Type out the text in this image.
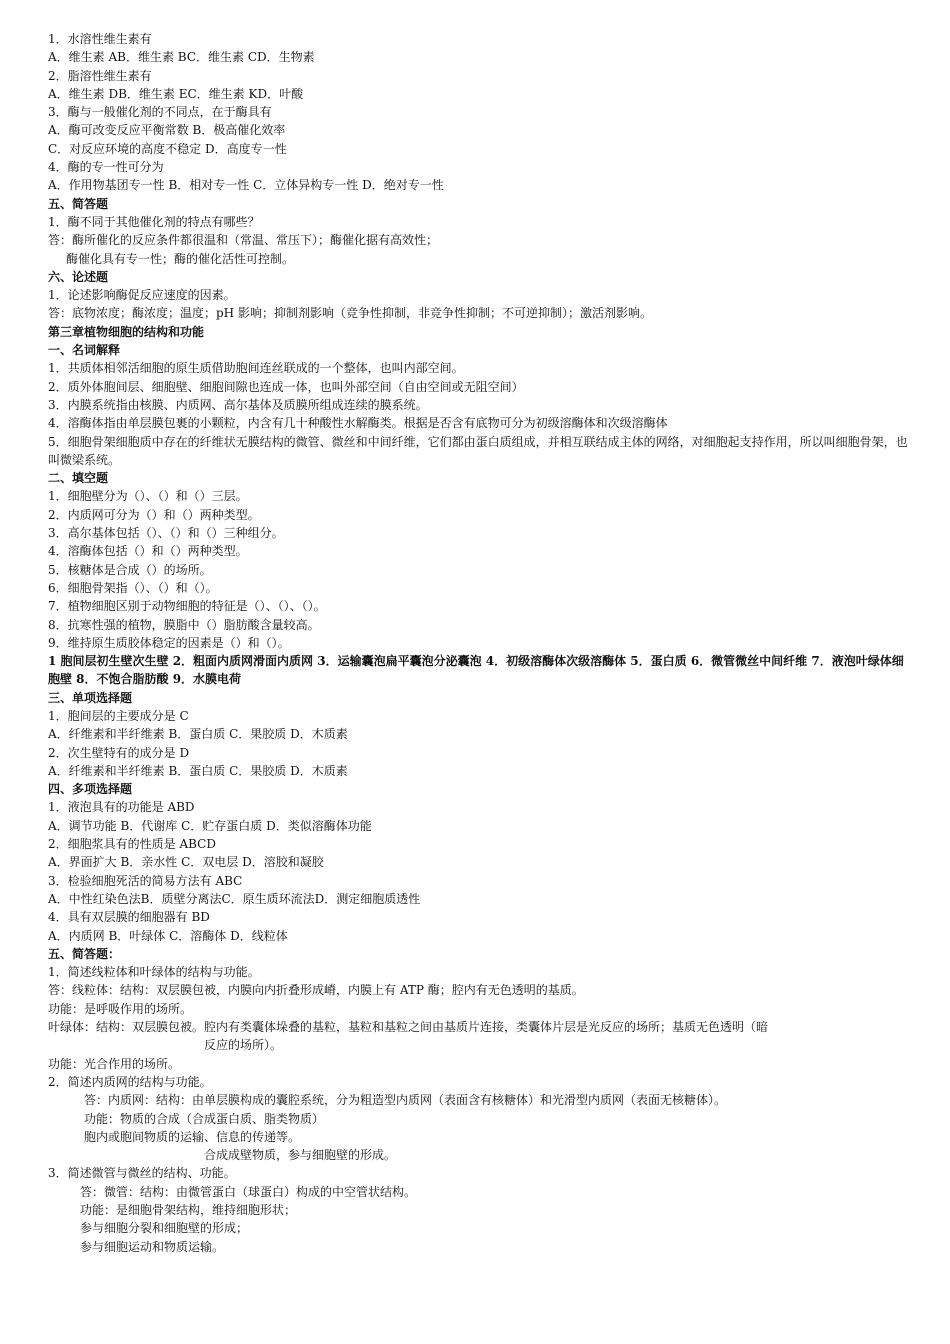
1．水溶性维生素有
A．维生素 AB．维生素 BC．维生素 CD．生物素
2．脂溶性维生素有
A．维生素 DB．维生素 EC．维生素 KD．叶酸
3．酶与一般催化剂的不同点，在于酶具有
A．酶可改变反应平衡常数 B．极高催化效率
C．对反应环境的高度不稳定 D．高度专一性
4．酶的专一性可分为
A．作用物基团专一性 B．相对专一性 C．立体异构专一性 D．绝对专一性
五、简答题
1．酶不同于其他催化剂的特点有哪些？
答：酶所催化的反应条件都很温和（常温、常压下）；酶催化据有高效性；
酶催化具有专一性；酶的催化活性可控制。
六、论述题
1．论述影响酶促反应速度的因素。
答：底物浓度；酶浓度；温度；pH 影响；抑制剂影响（竞争性抑制，非竞争性抑制；不可逆抑制）；激活剂影响。
第三章植物细胞的结构和功能
一、名词解释
1．共质体相邻活细胞的原生质借助胞间连丝联成的一个整体，也叫内部空间。
2．质外体胞间层、细胞壁、细胞间隙也连成一体，也叫外部空间（自由空间或无阻空间）
3．内膜系统指由核膜、内质网、高尔基体及质膜所组成连续的膜系统。
4．溶酶体指由单层膜包裹的小颗粒，内含有几十种酸性水解酶类。根据是否含有底物可分为初级溶酶体和次级溶酶体
5．细胞骨架细胞质中存在的纤维状无膜结构的微管、微丝和中间纤维，它们都由蛋白质组成，并相互联结成主体的网络，对细胞起支持作用，所以叫细胞骨架，也叫微梁系统。
二、填空题
1．细胞壁分为（）、（）和（）三层。
2．内质网可分为（）和（）两种类型。
3．高尔基体包括（）、（）和（）三种组分。
4．溶酶体包括（）和（）两种类型。
5．核糖体是合成（）的场所。
6．细胞骨架指（）、（）和（）。
7．植物细胞区别于动物细胞的特征是（）、（）、（）。
8．抗寒性强的植物，膜脂中（）脂肪酸含量较高。
9．维持原生质胶体稳定的因素是（）和（）。
1 胞间层初生壁次生壁 2．粗面内质网滑面内质网 3．运输囊泡扁平囊泡分泌囊泡 4．初级溶酶体次级溶酶体 5．蛋白质 6．微管微丝中间纤维 7．液泡叶绿体细胞壁 8．不饱合脂肪酸 9．水膜电荷
三、单项选择题
1．胞间层的主要成分是 C
A．纤维素和半纤维素 B．蛋白质 C．果胶质 D．木质素
2．次生壁特有的成分是 D
A．纤维素和半纤维素 B．蛋白质 C．果胶质 D．木质素
四、多项选择题
1．液泡具有的功能是 ABD
A．调节功能 B．代谢库 C．贮存蛋白质 D．类似溶酶体功能
2．细胞浆具有的性质是 ABCD
A．界面扩大 B．亲水性 C．双电层 D．溶胶和凝胶
3．检验细胞死活的简易方法有 ABC
A．中性红染色法B．质壁分离法C．原生质环流法D．测定细胞质透性
4．具有双层膜的细胞器有 BD
A．内质网 B．叶绿体 C．溶酶体 D．线粒体
五、简答题：
1．简述线粒体和叶绿体的结构与功能。
答：线粒体：结构：双层膜包被，内膜向内折叠形成嵴，内膜上有 ATP 酶；腔内有无色透明的基质。
功能：是呼吸作用的场所。
叶绿体：结构：双层膜包被。腔内有类囊体垛叠的基粒，基粒和基粒之间由基质片连接，类囊体片层是光反应的场所；基质无色透明（暗
反应的场所）。
功能：光合作用的场所。
2．简述内质网的结构与功能。
答：内质网：结构：由单层膜构成的囊腔系统，分为粗造型内质网（表面含有核糖体）和光滑型内质网（表面无核糖体）。
功能：物质的合成（合成蛋白质、脂类物质）
胞内或胞间物质的运输、信息的传递等。
合成成壁物质，参与细胞壁的形成。
3．简述微管与微丝的结构、功能。
答：微管：结构：由微管蛋白（球蛋白）构成的中空管状结构。
功能：是细胞骨架结构，维持细胞形状；
参与细胞分裂和细胞壁的形成；
参与细胞运动和物质运输。
